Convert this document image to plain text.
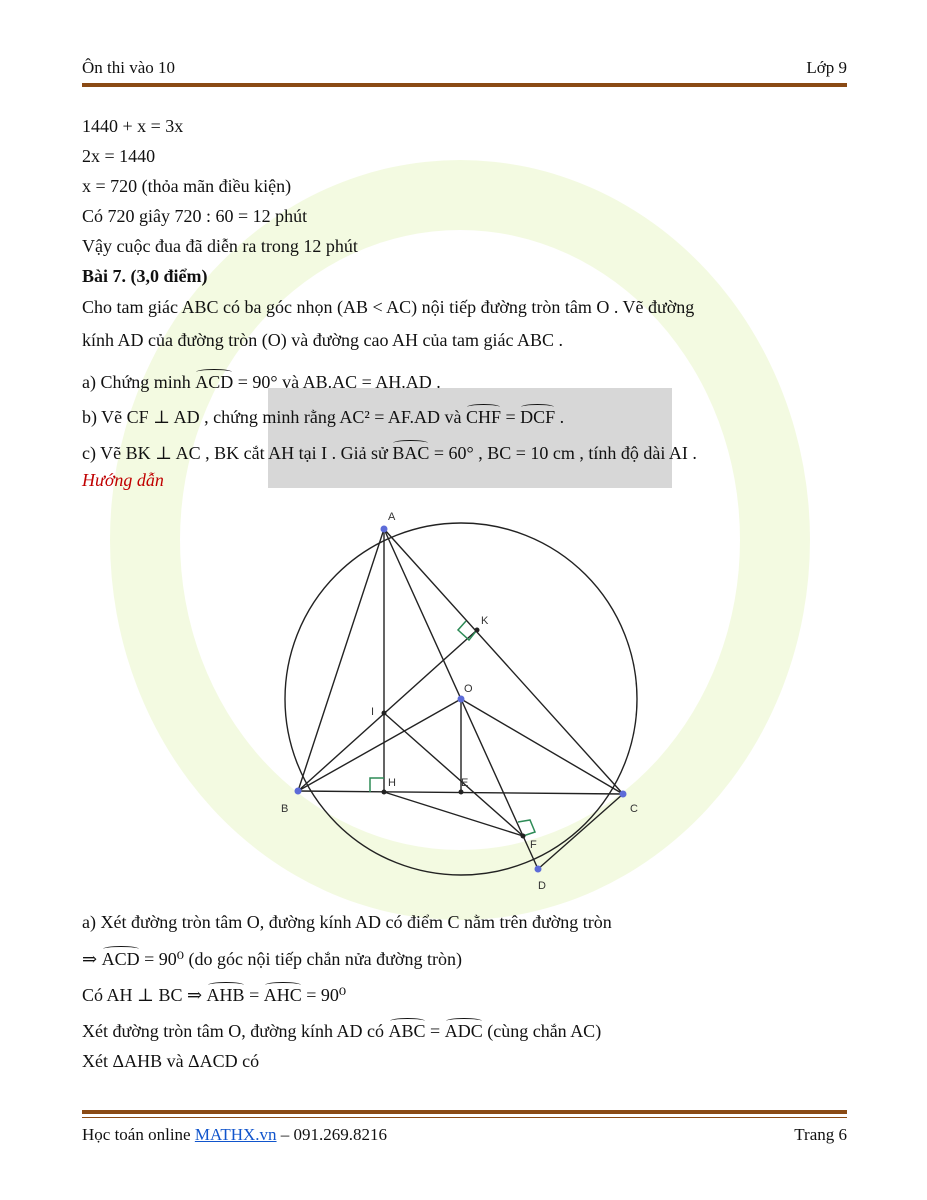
Ôn thi vào 10	Lớp 9
1440 + x = 3x
2x = 1440
x = 720 (thỏa mãn điều kiện)
Có 720 giây 720 : 60 = 12 phút
Vậy cuộc đua đã diễn ra trong 12 phút
Bài 7. (3,0 điểm)
Cho tam giác ABC có ba góc nhọn (AB < AC) nội tiếp đường tròn tâm O . Vẽ đường
kính AD của đường tròn (O) và đường cao AH của tam giác ABC .
a) Chứng minh ACD = 90° và AB.AC = AH.AD .
b) Vẽ CF ⊥ AD , chứng minh rằng AC² = AF.AD và CHF = DCF .
c) Vẽ BK ⊥ AC , BK cắt AH tại I . Giả sử BAC = 60° , BC = 10 cm , tính độ dài AI .
Hướng dẫn
A
B	C
D
O
H	E
F
I
K
a) Xét đường tròn tâm O, đường kính AD có điểm C nằm trên đường tròn
⇒ ACD = 90⁰ (do góc nội tiếp chắn nửa đường tròn)
Có AH ⊥ BC ⇒ AHB = AHC = 90⁰
Xét đường tròn tâm O, đường kính AD có ABC = ADC (cùng chắn AC)
Xét ΔAHB và ΔACD có
Học toán online MATHX.vn – 091.269.8216	Trang 6
